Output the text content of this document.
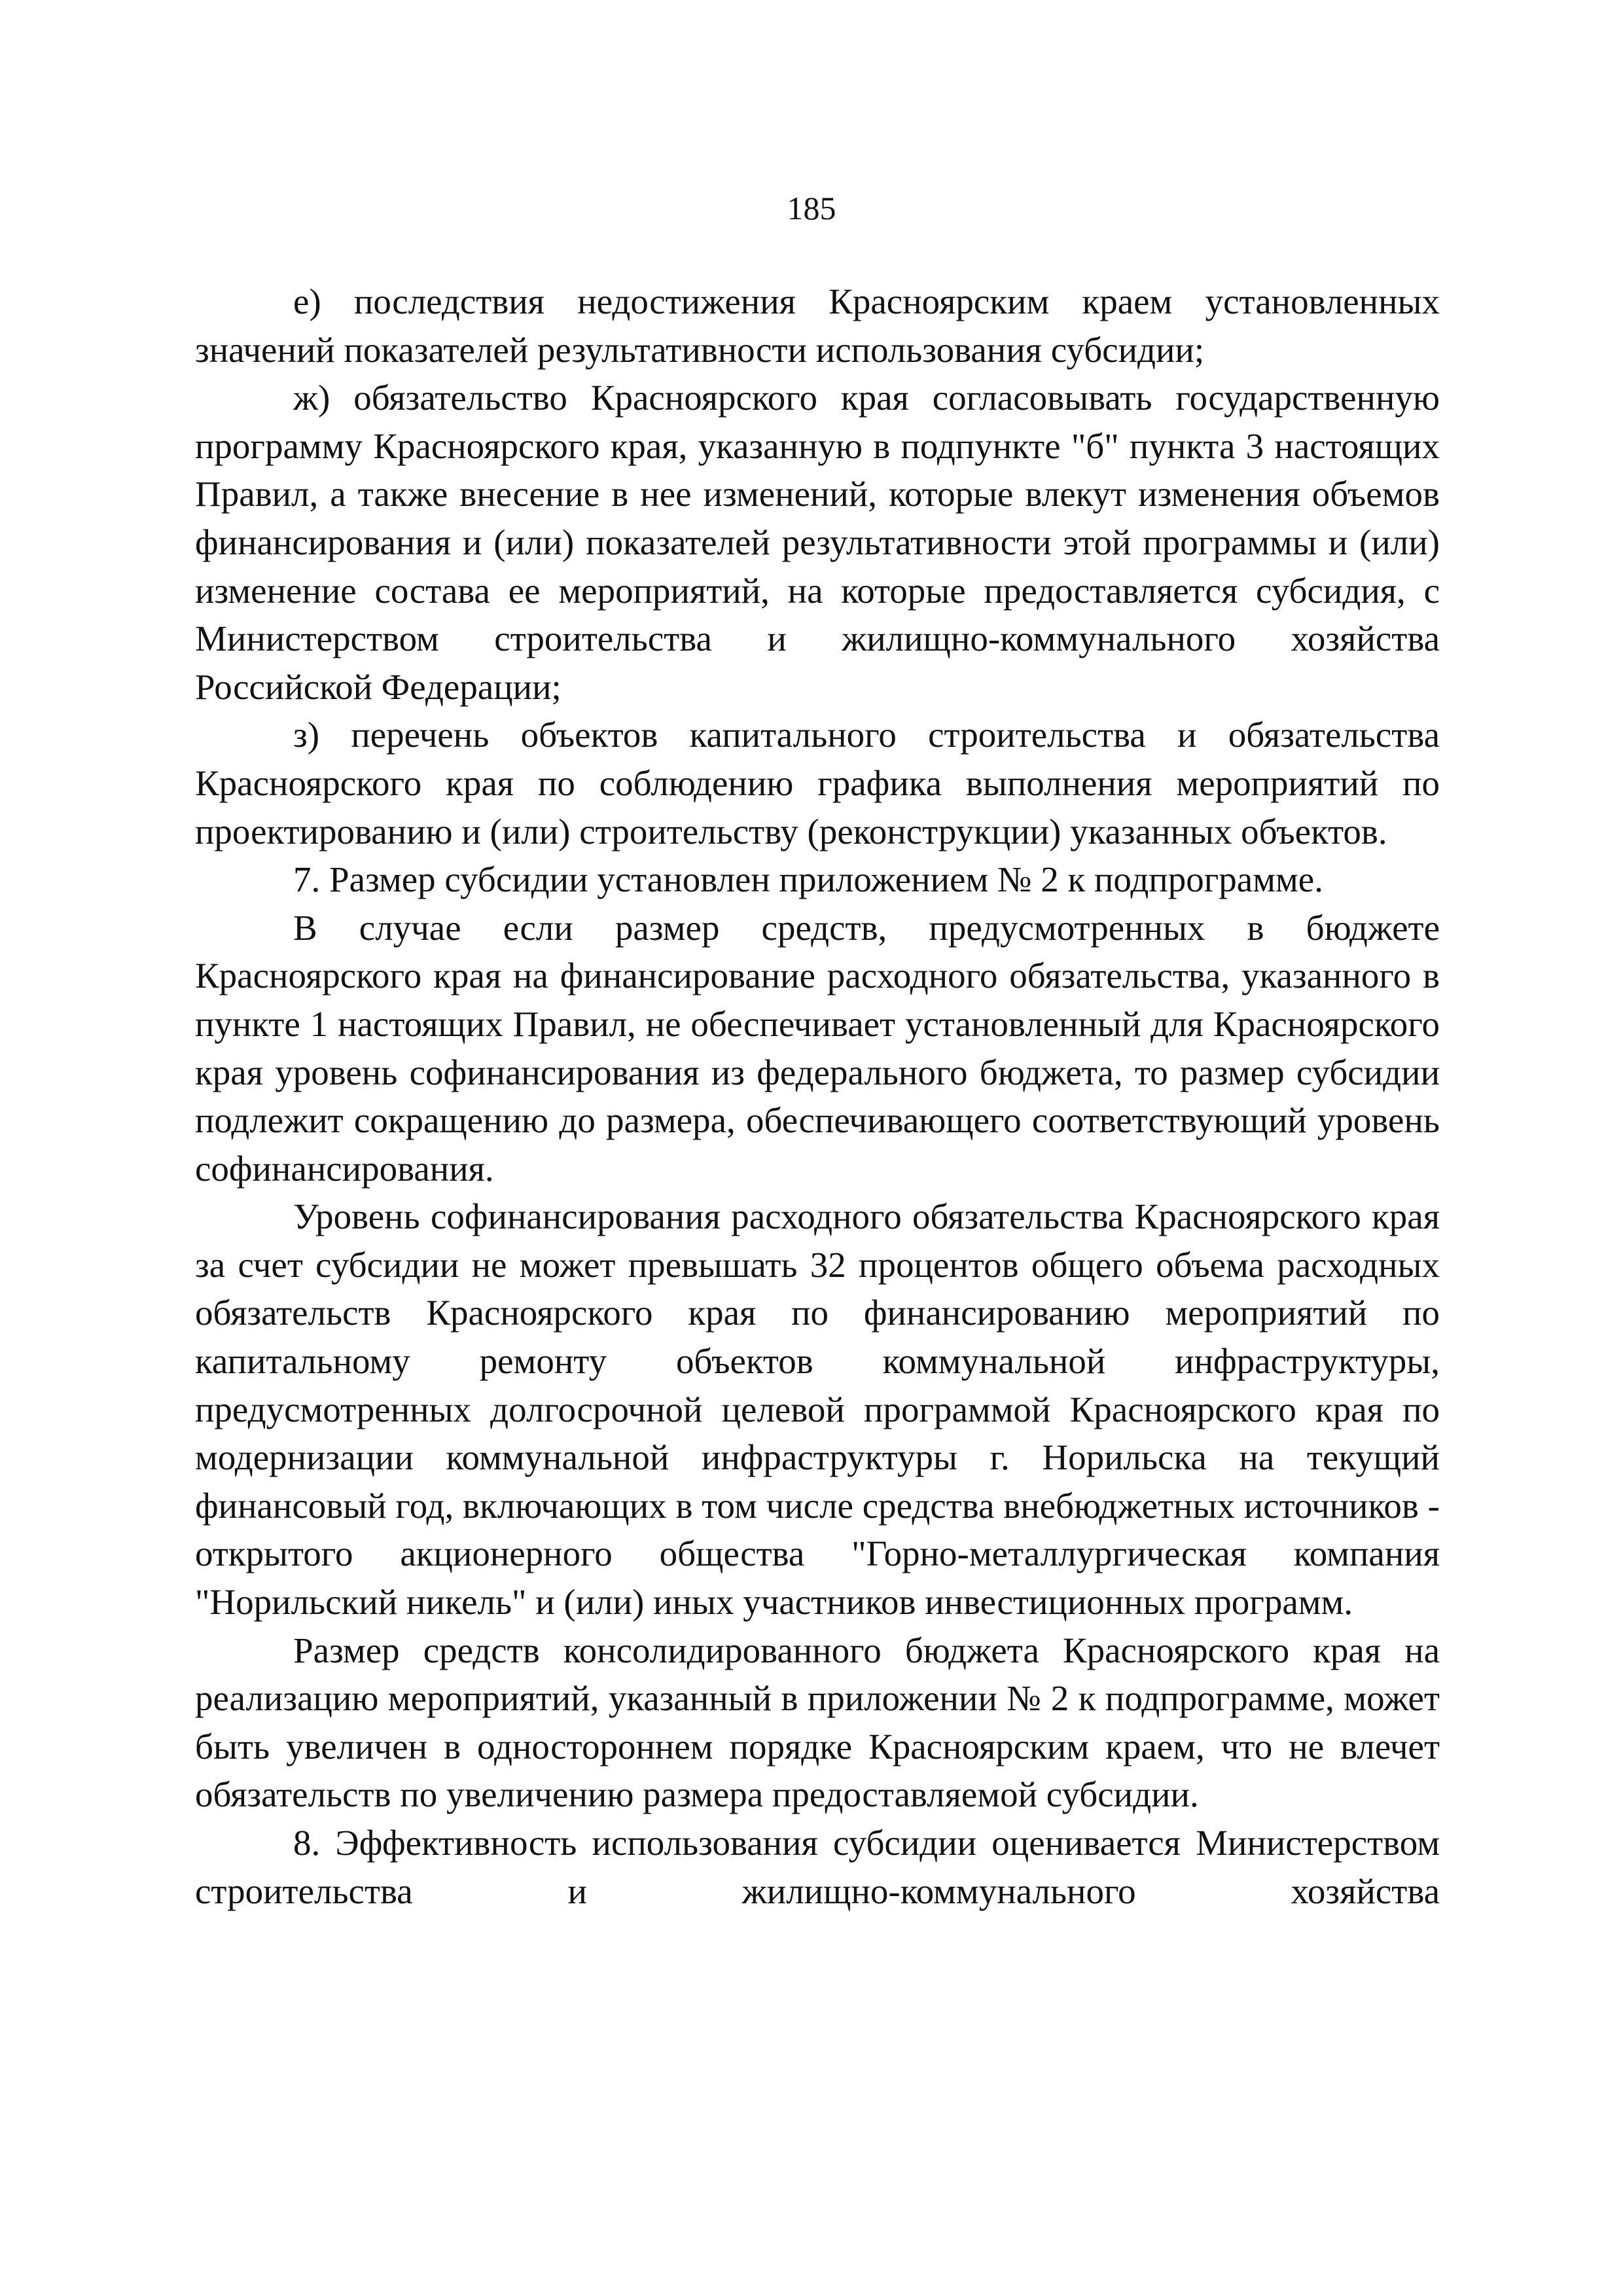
185

е) последствия недостижения Красноярским краем установленных значений показателей результативности использования субсидии;

ж) обязательство Красноярского края согласовывать государственную программу Красноярского края, указанную в подпункте "б" пункта 3 настоящих Правил, а также внесение в нее изменений, которые влекут изменения объемов финансирования и (или) показателей результативности этой программы и (или) изменение состава ее мероприятий, на которые предоставляется субсидия, с Министерством строительства и жилищно-коммунального хозяйства Российской Федерации;

з) перечень объектов капитального строительства и обязательства Красноярского края по соблюдению графика выполнения мероприятий по проектированию и (или) строительству (реконструкции) указанных объектов.

7. Размер субсидии установлен приложением № 2 к подпрограмме.

В случае если размер средств, предусмотренных в бюджете Красноярского края на финансирование расходного обязательства, указанного в пункте 1 настоящих Правил, не обеспечивает установленный для Красноярского края уровень софинансирования из федерального бюджета, то размер субсидии подлежит сокращению до размера, обеспечивающего соответствующий уровень софинансирования.

Уровень софинансирования расходного обязательства Красноярского края за счет субсидии не может превышать 32 процентов общего объема расходных обязательств Красноярского края по финансированию мероприятий по капитальному ремонту объектов коммунальной инфраструктуры, предусмотренных долгосрочной целевой программой Красноярского края по модернизации коммунальной инфраструктуры г. Норильска на текущий финансовый год, включающих в том числе средства внебюджетных источников - открытого акционерного общества "Горно-металлургическая компания "Норильский никель" и (или) иных участников инвестиционных программ.

Размер средств консолидированного бюджета Красноярского края на реализацию мероприятий, указанный в приложении № 2 к подпрограмме, может быть увеличен в одностороннем порядке Красноярским краем, что не влечет обязательств по увеличению размера предоставляемой субсидии.

8. Эффективность использования субсидии оценивается Министерством строительства и жилищно-коммунального хозяйства
